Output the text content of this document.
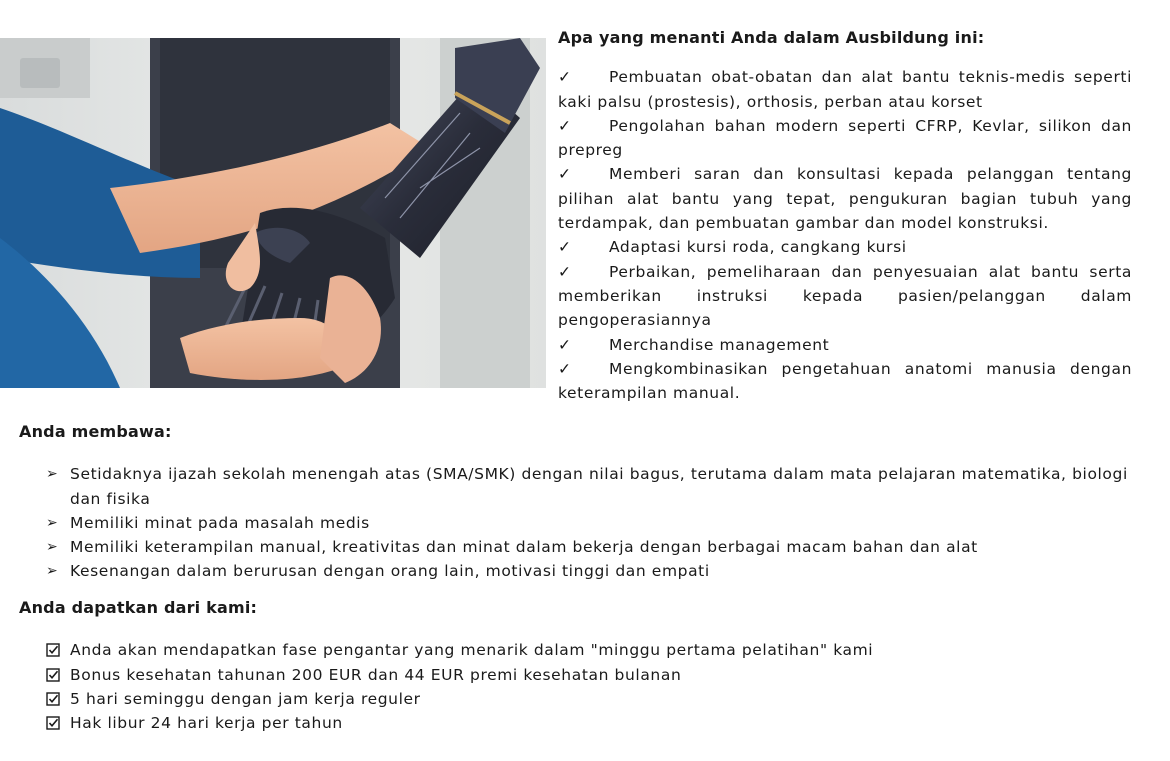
Apa yang menanti Anda dalam Ausbildung ini:

✓ Pembuatan obat-obatan dan alat bantu teknis-medis seperti kaki palsu (prostesis), orthosis, perban atau korset
✓ Pengolahan bahan modern seperti CFRP, Kevlar, silikon dan prepreg
✓ Memberi saran dan konsultasi kepada pelanggan tentang pilihan alat bantu yang tepat, pengukuran bagian tubuh yang terdampak, dan pembuatan gambar dan model konstruksi.
✓ Adaptasi kursi roda, cangkang kursi
✓ Perbaikan, pemeliharaan dan penyesuaian alat bantu serta memberikan instruksi kepada pasien/pelanggan dalam pengoperasiannya
✓ Merchandise management
✓ Mengkombinasikan pengetahuan anatomi manusia dengan keterampilan manual.

Anda membawa:

➢ Setidaknya ijazah sekolah menengah atas (SMA/SMK) dengan nilai bagus, terutama dalam mata pelajaran matematika, biologi dan fisika
➢ Memiliki minat pada masalah medis
➢ Memiliki keterampilan manual, kreativitas dan minat dalam bekerja dengan berbagai macam bahan dan alat
➢ Kesenangan dalam berurusan dengan orang lain, motivasi tinggi dan empati

Anda dapatkan dari kami:

Anda akan mendapatkan fase pengantar yang menarik dalam "minggu pertama pelatihan" kami
Bonus kesehatan tahunan 200 EUR dan 44 EUR premi kesehatan bulanan
5 hari seminggu dengan jam kerja reguler
Hak libur 24 hari kerja per tahun
